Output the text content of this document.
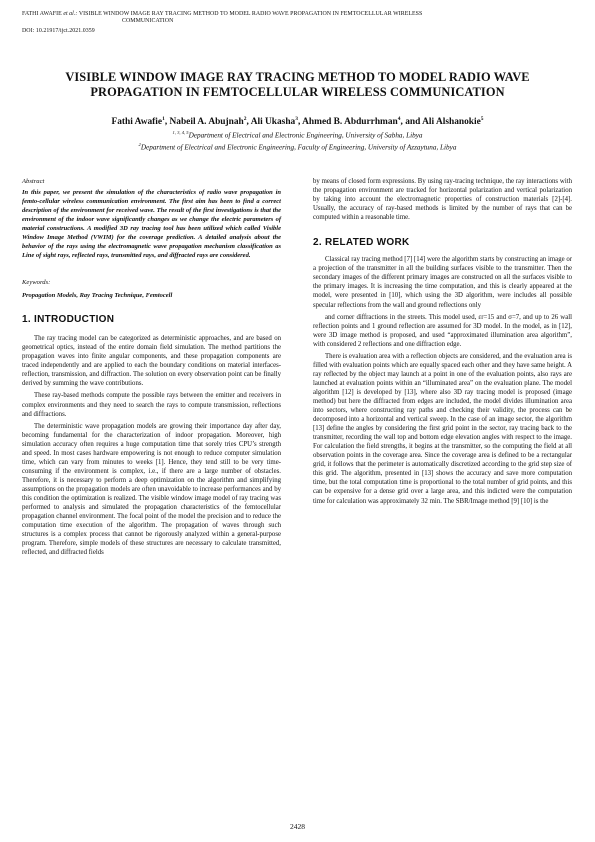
FATHI AWAFIE et al.: VISIBLE WINDOW IMAGE RAY TRACING METHOD TO MODEL RADIO WAVE PROPAGATION IN FEMTOCELLULAR WIRELESS
COMMUNICATION
DOI: 10.21917/ijct.2021.0359
VISIBLE WINDOW IMAGE RAY TRACING METHOD TO MODEL RADIO WAVE PROPAGATION IN FEMTOCELLULAR WIRELESS COMMUNICATION
Fathi Awafie$^1$, Nabeil A. Abujnah$^2$, Ali Ukasha$^3$, Ahmed B. Abdurrhman$^4$, and Ali Alshanokie$^5$
$^{1, 3, 4, 5}$Department of Electrical and Electronic Engineering, University of Sabha, Libya
$^2$Department of Electrical and Electronic Engineering, Faculty of Engineering, University of Azzaytuna, Libya
Abstract
In this paper, we present the simulation of the characteristics of radio wave propagation in femto-cellular wireless communication environment. The first aim has been to find a correct description of the environment for received wave. The result of the first investigations is that the environment of the indoor wave significantly changes as we change the electric parameters of material constructions. A modified 3D ray tracing tool has been utilized which called Visible Window Image Method (VWIM) for the coverage prediction. A detailed analysis about the behavior of the rays using the electromagnetic wave propagation mechanism classification as Line of sight rays, reflected rays, transmitted rays, and diffracted rays are considered.
Keywords:
Propagation Models, Ray Tracing Technique, Femtocell
1. INTRODUCTION

The ray tracing model can be categorized as deterministic approaches, and are based on geometrical optics, instead of the entire domain field simulation. The method partitions the propagation waves into finite angular components, and these propagation components are traced independently and are applied to each the boundary conditions on material interfaces-reflection, transmission, and diffraction. The solution on every observation point can be finally derived by summing the wave contributions.

These ray-based methods compute the possible rays between the emitter and receivers in complex environments and they need to search the rays to compute transmission, reflections and diffractions.

The deterministic wave propagation models are growing their importance day after day, becoming fundamental for the characterization of indoor propagation. Moreover, high simulation accuracy often requires a huge computation time that sorely tries CPU’s strength and speed. In most cases hardware empowering is not enough to reduce computer simulation time, which can vary from minutes to weeks [1]. Hence, they tend still to be very time-consuming if the environment is complex, i.e., if there are a large number of obstacles. Therefore, it is necessary to perform a deep optimization on the algorithm and simplifying assumptions on the propagation models are often unavoidable to increase performances and by this condition the optimization is realized. The visible window image model of ray tracing was performed to analysis and simulated the propagation characteristics of the femtocellular propagation channel environment. The focal point of the model the precision and to reduce the computation time execution of the algorithm. The propagation of waves through such structures is a complex process that cannot be rigorously analyzed within a general-purpose program. Therefore, simple models of these structures are necessary to calculate transmitted, reflected, and diffracted fields

by means of closed form expressions. By using ray-tracing technique, the ray interactions with the propagation environment are tracked for horizontal polarization and vertical polarization by taking into account the electromagnetic properties of construction materials [2]-[4]. Usually, the accuracy of ray-based methods is limited by the number of rays that can be computed within a reasonable time.

2. RELATED WORK

Classical ray tracing method [7] [14] were the algorithm starts by constructing an image or a projection of the transmitter in all the building surfaces visible to the transmitter. Then the secondary images of the different primary images are constructed on all the surfaces visible to the primary images. It is increasing the time computation, and this is clearly appeared at the model, were presented in [10], which using the 3D algorithm, were includes all possible specular reflections from the wall and ground reflections only

and corner diffractions in the streets. This model used, εr=15 and σ=7, and up to 26 wall reflection points and 1 ground reflection are assumed for 3D model. In the model, as in [12], were 3D image method is proposed, and used “approximated illumination area algorithm”, with considered 2 reflections and one diffraction edge.

There is evaluation area with a reflection objects are considered, and the evaluation area is filled with evaluation points which are equally spaced each other and they have same height. A ray reflected by the object may launch at a point in one of the evaluation points, also rays are launched at evaluation points within an “illuminated area” on the evaluation plane. The model algorithm [12] is developed by [13], where also 3D ray tracing model is proposed (image method) but here the diffracted from edges are included, the model divides illumination area into sectors, where constructing ray paths and checking their validity, the process can be decomposed into a horizontal and vertical sweep. In the case of an image sector, the algorithm [13] define the angles by considering the first grid point in the sector, ray tracing back to the transmitter, recording the wall top and bottom edge elevation angles with respect to the image. For calculation the field strengths, it begins at the transmitter, so the computing the field at all observation points in the coverage area. Since the coverage area is defined to be a rectangular grid, it follows that the perimeter is automatically discretized according to the grid step size of this grid. The algorithm, presented in [13] shows the accuracy and save more computation time, but the total computation time is proportional to the total number of grid points, and this can be expensive for a dense grid over a large area, and this indicted were the computation time for calculation was approximately 32 min. The SBR/Image method [9] [10] is the

2428
